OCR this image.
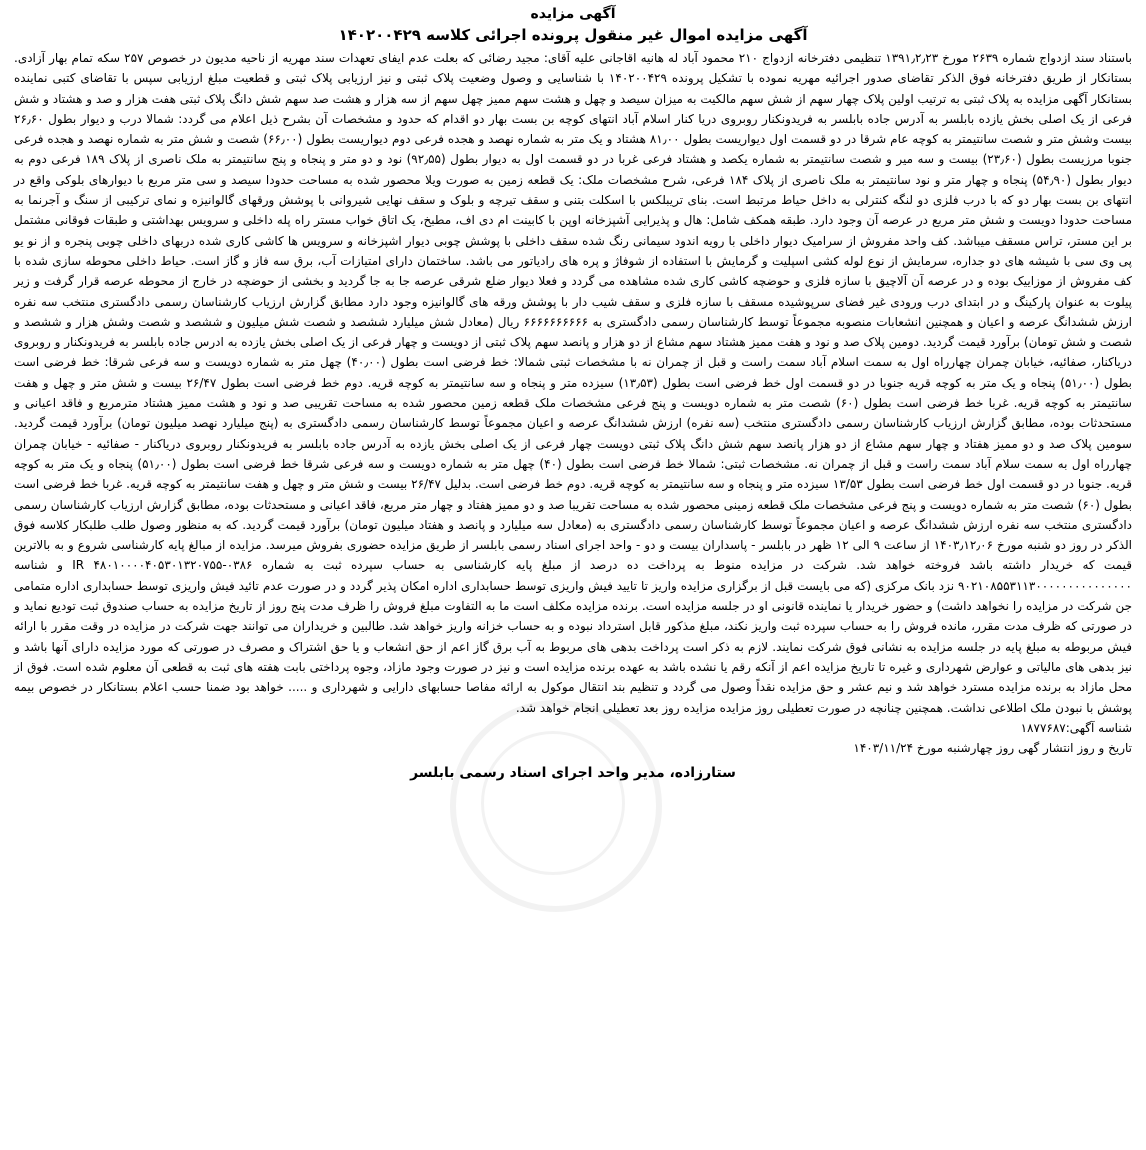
آگهی مزایده

آگهی مزایده اموال غیر منقول پرونده اجرائی کلاسه ۱۴۰۲۰۰۴۲۹

باستناد سند ازدواج شماره ۲۶۳۹ مورخ ۱۳۹۱٫۲٫۲۳ تنظیمی دفترخانه ازدواج ۲۱۰ محمود آباد له هانیه اقاجانی علیه آقای: مجید رضائی که بعلت عدم ایفای تعهدات سند مهریه از ناحیه مدیون در خصوص ۲۵۷ سکه تمام بهار آزادی. بستانکار از طریق دفترخانه فوق الذکر تقاضای صدور اجرائیه مهریه نموده با تشکیل پرونده ۱۴۰۲۰۰۴۲۹ با شناسایی و وصول وضعیت پلاک ثبتی و نیز ارزیابی پلاک ثبتی و قطعیت مبلغ ارزیابی سپس با تقاضای کتبی نماینده بستانکار آگهی مزایده به پلاک ثبتی به ترتیب اولین پلاک چهار سهم از شش سهم مالکیت به میزان سیصد و چهل و هشت سهم ممیز چهل سهم از سه هزار و هشت صد سهم شش دانگ پلاک ثبتی هفت هزار و صد و هشتاد و شش فرعی از یک اصلی بخش یازده بابلسر به آدرس جاده بابلسر به فریدونکنار روبروی دریا کنار اسلام آباد انتهای کوچه بن بست بهار دو اقدام که حدود و مشخصات آن بشرح ذیل اعلام می گردد: شمالا درب و دیوار بطول ۲۶٫۶۰ بیست وشش متر و شصت سانتیمتر به کوچه عام شرقا در دو قسمت اول دیواریست بطول ۸۱٫۰۰ هشتاد و یک متر به شماره نهصد و هجده فرعی دوم دیواریست بطول (۶۶٫۰۰) شصت و شش متر به شماره نهصد و هجده فرعی جنوبا مرزیست بطول (۲۳٫۶۰) بیست و سه میر و شصت سانتیمتر به شماره یکصد و هشتاد فرعی غربا در دو قسمت اول به دیوار بطول (۹۲٫۵۵) نود و دو متر و پنجاه و پنج سانتیمتر به ملک ناصری از پلاک ۱۸۹ فرعی دوم به دیوار بطول (۵۴٫۹۰) پنجاه و چهار متر و نود سانتیمتر به ملک ناصری از پلاک ۱۸۴ فرعی، شرح مشخصات ملک: یک قطعه زمین به صورت ویلا محصور شده به مساحت حدودا سیصد و سی متر مربع با دیوارهای بلوکی واقع در انتهای بن بست بهار دو که با درب فلزی دو لنگه کنترلی به داخل حیاط مرتبط است. بنای تریبلکس با اسکلت بتنی و سقف تیرچه و بلوک و سقف نهایی شیروانی با پوشش ورقهای گالوانیزه و نمای ترکیبی از سنگ و آجرنما به مساحت حدودا دویست و شش متر مربع در عرصه آن وجود دارد. طبقه همکف شامل: هال و پذیرایی آشپزخانه اوپن با کابینت ام دی اف، مطبخ، یک اتاق خواب مستر راه پله داخلی و سرویس بهداشتی و طبقات فوقانی مشتمل بر این مستر، تراس مسقف میباشد. کف واحد مفروش از سرامیک دیوار داخلی با رویه اندود سیمانی رنگ شده سقف داخلی با پوشش چوبی دیوار اشپزخانه و سرویس ها کاشی کاری شده دربهای داخلی چوبی پنجره و از نو یو پی وی سی با شیشه های دو جداره، سرمایش از نوع لوله کشی اسپلیت و گرمایش با استفاده از شوفاژ و پره های رادیاتور می باشد. ساختمان دارای امتیازات آب، برق سه فاز و گاز است. حیاط داخلی محوطه سازی شده با کف مفروش از موزاییک بوده و در عرصه آن آلاچیق با سازه فلزی و حوضچه کاشی کاری شده مشاهده می گردد و فعلا دیوار ضلع شرقی عرصه جا به جا گردید و بخشی از حوضچه در خارج از محوطه عرصه قرار گرفت و زیر پیلوت به عنوان پارکینگ و در ابتدای درب ورودی غیر فضای سرپوشیده مسقف با سازه فلزی و سقف شیب دار با پوشش ورقه های گالوانیزه وجود دارد مطابق گزارش ارزیاب کارشناسان رسمی دادگستری منتخب سه نفره ارزش ششدانگ عرصه و اعیان و همچنین انشعابات منصوبه مجموعاً توسط کارشناسان رسمی دادگستری به ۶۶۶۶۶۶۶۶۶۶ ریال (معادل شش میلیارد ششصد و شصت شش میلیون و ششصد و شصت وشش هزار و ششصد و شصت و شش تومان) برآورد قیمت گردید. دومین پلاک صد و نود و هفت ممیز هشتاد سهم مشاع از دو هزار و پانصد سهم پلاک ثبتی از دویست و چهار فرعی از یک اصلی بخش یازده به ادرس جاده بابلسر به فریدونکنار و روبروی دریاکنار، صفائیه، خیابان چمران چهارراه اول به سمت اسلام آباد سمت راست و قبل از چمران نه با مشخصات ثبتی شمالا: خط فرضی است بطول (۴۰٫۰۰) چهل متر به شماره دویست و سه فرعی شرقا: خط فرضی است بطول (۵۱٫۰۰) پنجاه و یک متر به کوچه قریه جنوبا در دو قسمت اول خط فرضی است بطول (۱۳٫۵۳) سیزده متر و پنجاه و سه سانتیمتر به کوچه قریه. دوم خط فرضی است بطول ۲۶/۴۷ بیست و شش متر و چهل و هفت سانتیمتر به کوچه قریه. غربا خط فرضی است بطول (۶۰) شصت متر به شماره دویست و پنج فرعی مشخصات ملک قطعه زمین محصور شده به مساحت تقریبی صد و نود و هشت ممیز هشتاد مترمربع و فاقد اعیانی و مستحدثات بوده، مطابق گزارش ارزیاب کارشناسان رسمی دادگستری منتخب (سه نفره) ارزش ششدانگ عرصه و اعیان مجموعاً توسط کارشناسان رسمی دادگستری به (پنج میلیارد نهصد میلیون تومان) برآورد قیمت گردید. سومین پلاک صد و دو ممیز هفتاد و چهار سهم مشاع از دو هزار پانصد سهم شش دانگ پلاک ثبتی دویست چهار فرعی از یک اصلی بخش یازده به آدرس جاده بابلسر به فریدونکنار روبروی دریاکنار - صفائیه - خیابان چمران چهارراه اول به سمت سلام آباد سمت راست و قبل از چمران نه. مشخصات ثبتی: شمالا خط فرضی است بطول (۴۰) چهل متر به شماره دویست و سه فرعی شرقا خط فرضی است بطول (۵۱٫۰۰) پنجاه و یک متر به کوچه قریه. جنوبا در دو قسمت اول خط فرضی است بطول ۱۳/۵۳ سیزده متر و پنجاه و سه سانتیمتر به کوچه قریه. دوم خط فرضی است. بدلیل ۲۶/۴۷ بیست و شش متر و چهل و هفت سانتیمتر به کوچه قریه. غربا خط فرضی است بطول (۶۰) شصت متر به شماره دویست و پنج فرعی مشخصات ملک قطعه زمینی محصور شده به مساحت تقریبا صد و دو ممیز هفتاد و چهار متر مربع، فاقد اعیانی و مستحدثات بوده، مطابق گزارش ارزیاب کارشناسان رسمی دادگستری منتخب سه نفره ارزش ششدانگ عرصه و اعیان مجموعاً توسط کارشناسان رسمی دادگستری به (معادل سه میلیارد و پانصد و هفتاد میلیون تومان) برآورد قیمت گردید. که به منظور وصول طلب طلبکار کلاسه فوق الذکر در روز دو شنبه مورخ ۱۴۰۳٫۱۲٫۰۶ از ساعت ۹ الی ۱۲ ظهر در بابلسر - پاسداران بیست و دو - واحد اجرای اسناد رسمی بابلسر از طریق مزایده حضوری بفروش میرسد. مزایده از مبالغ پایه کارشناسی شروع و به بالاترین قیمت که خریدار داشته باشد فروخته خواهد شد. شرکت در مزایده منوط به پرداخت ده درصد از مبلغ پایه کارشناسی به حساب سپرده ثبت به شماره ۰۳۸۶-۴۸۰۱۰۰۰۰۴۰۵۳۰۱۳۲۰۷۵۵ IR و شناسه ۹۰۲۱۰۸۵۵۳۱۱۳۰۰۰۰۰۰۰۰۰۰۰۰۰۰۰ نزد بانک مرکزی (که می بایست قبل از برگزاری مزایده واریز تا تایید فیش واریزی توسط حسابداری اداره امکان پذیر گردد و در صورت عدم تائید فیش واریزی توسط حسابداری اداره متمامی جن شرکت در مزایده را نخواهد داشت) و حضور خریدار یا نماینده قانونی او در جلسه مزایده است. برنده مزایده مکلف است ما به التفاوت مبلغ فروش را ظرف مدت پنج روز از تاریخ مزایده به حساب صندوق ثبت تودیع نماید و در صورتی که ظرف مدت مقرر، مانده فروش را به حساب سپرده ثبت واریز نکند، مبلغ مذکور قابل استرداد نبوده و به حساب خزانه واریز خواهد شد. طالبین و خریداران می توانند جهت شرکت در مزایده در وقت مقرر با ارائه فیش مربوطه به مبلغ پایه در جلسه مزایده به نشانی فوق شرکت نمایند. لازم به ذکر است پرداخت بدهی های مربوط به آب برق گاز اعم از حق انشعاب و یا حق اشتراک و مصرف در صورتی که مورد مزایده دارای آنها باشد و نیز بدهی های مالیاتی و عوارض شهرداری و غیره تا تاریخ مزایده اعم از آنکه رقم یا نشده باشد به عهده برنده مزایده است و نیز در صورت وجود مازاد، وجوه پرداختی بابت هفته های ثبت به قطعی آن معلوم شده است. فوق از محل مازاد به برنده مزایده مسترد خواهد شد و نیم عشر و حق مزایده نقداً وصول می گردد و تنظیم بند انتقال موکول به ارائه مفاصا حسابهای دارایی و شهرداری و ..... خواهد بود ضمنا حسب اعلام بستانکار در خصوص بیمه پوشش با نبودن ملک اطلاعی نداشت. همچنین چنانچه در صورت تعطیلی روز مزایده مزایده روز بعد تعطیلی انجام خواهد شد.

شناسه آگهی:۱۸۷۷۶۸۷

تاریخ و روز انتشار گهی روز چهارشنبه مورخ ۱۴۰۳/۱۱/۲۴

ستارزاده، مدیر واحد اجرای اسناد رسمی بابلسر
